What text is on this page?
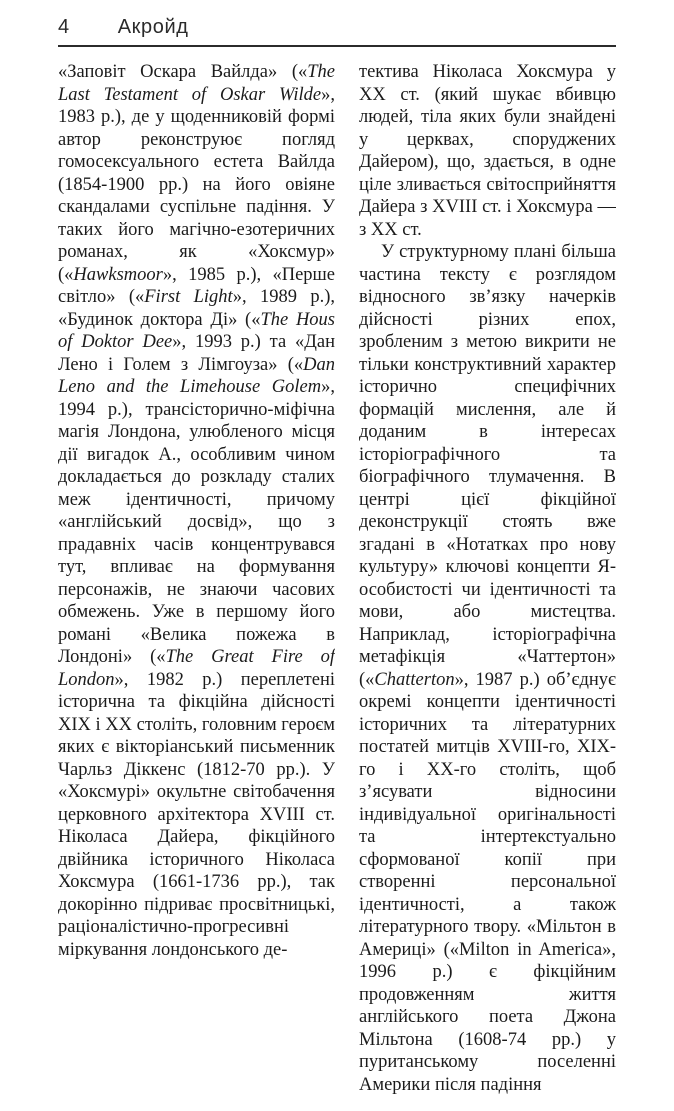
4 Акройд

«Заповіт Оскара Вайлда» («The Last Testament of Oskar Wilde», 1983 р.), де у щоденниковій формі автор реконструює погляд гомосексуального естета Вайлда (1854-1900 рр.) на його овіяне скандалами суспільне падіння. У таких його магічно-езотеричних романах, як «Хоксмур» («Hawksmoor», 1985 р.), «Перше світло» («First Light», 1989 р.), «Будинок доктора Ді» («The Hous of Doktor Dee», 1993 р.) та «Дан Лено і Голем з Лімгоуза» («Dan Leno and the Limehouse Golem», 1994 р.), трансісторично-міфічна магія Лондона, улюбленого місця дії вигадок А., особливим чином докладається до розкладу сталих меж ідентичності, причому «англійський досвід», що з прадавніх часів концентрувався тут, впливає на формування персонажів, не знаючи часових обмежень. Уже в першому його романі «Велика пожежа в Лондоні» («The Great Fire of London», 1982 р.) переплетені історична та фікційна дійсності XIX і XX століть, головним героєм яких є вікторіанський письменник Чарльз Діккенс (1812-70 рр.). У «Хоксмурі» окультне світобачення церковного архітектора XVIII ст. Ніколаса Дайера, фікційного двійника історичного Ніколаса Хоксмура (1661-1736 рр.), так докорінно підриває просвітницькі, раціоналістично-прогресивні міркування лондонського де-

тектива Ніколаса Хоксмура у XX ст. (який шукає вбивцю людей, тіла яких були знайдені у церквах, споруджених Дайером), що, здається, в одне ціле зливається світосприйняття Дайера з XVIII ст. і Хоксмура — з XX ст.

У структурному плані більша частина тексту є розглядом відносного зв’язку начерків дійсності різних епох, зробленим з метою викрити не тільки конструктивний характер історично специфічних формацій мислення, але й доданим в інтересах історіографічного та біографічного тлумачення. В центрі цієї фікційної деконструкції стоять вже згадані в «Нотатках про нову культуру» ключові концепти Я-особистості чи ідентичності та мови, або мистецтва. Наприклад, історіографічна метафікція «Чаттертон» («Chatterton», 1987 р.) об’єднує окремі концепти ідентичності історичних та літературних постатей митців XVIII-го, XIX-го і XX-го століть, щоб з’ясувати відносини індивідуальної оригінальності та інтертекстуально сформованої копії при створенні персональної ідентичності, а також літературного твору. «Мільтон в Америці» («Milton in America», 1996 р.) є фікційним продовженням життя англійського поета Джона Мільтона (1608-74 рр.) у пуританському поселенні Америки після падіння
